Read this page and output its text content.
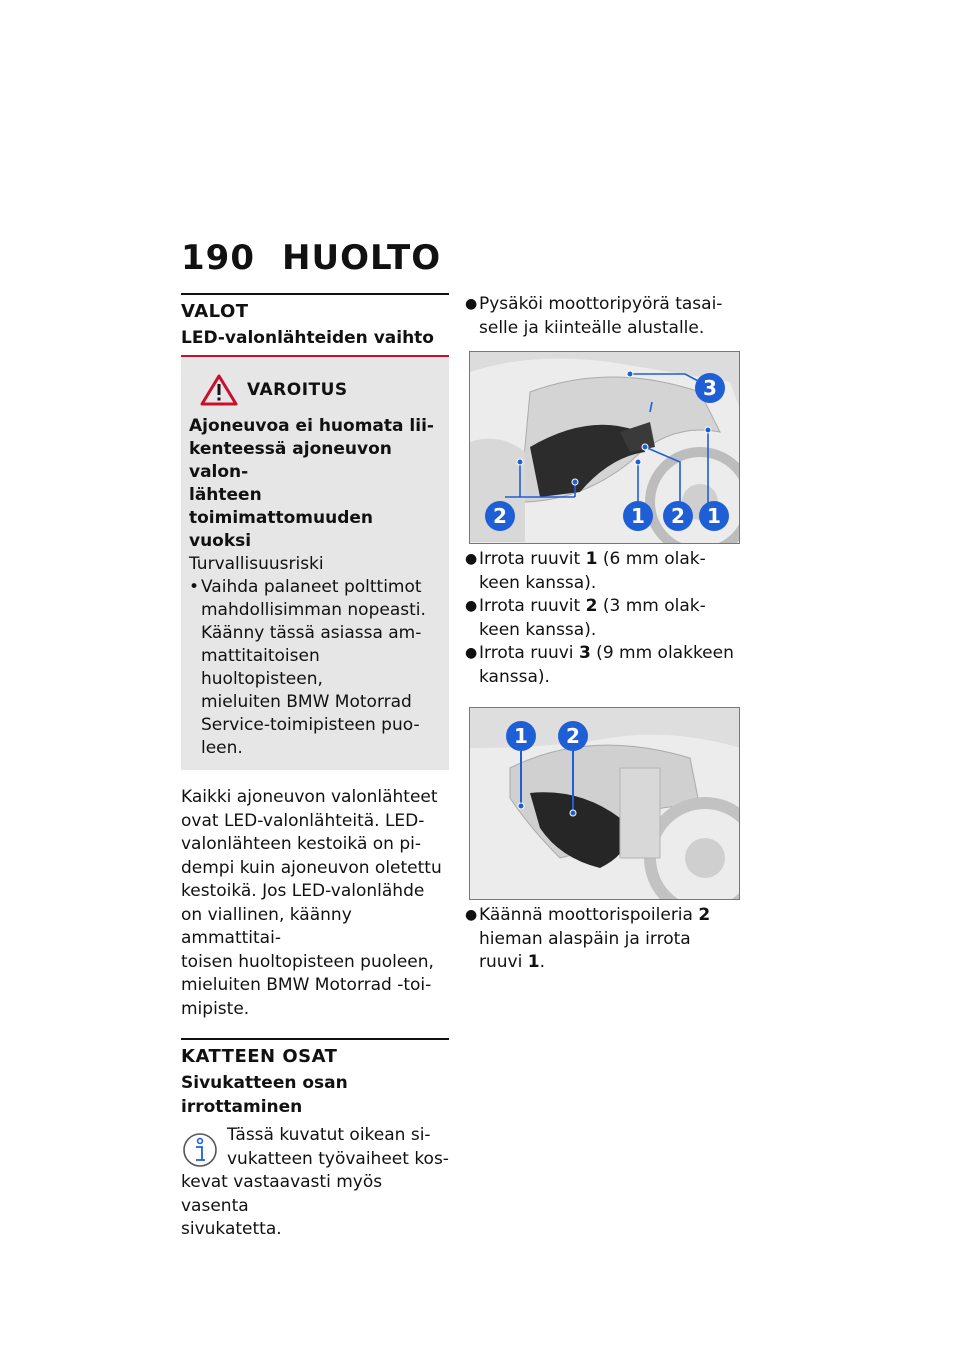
190 HUOLTO
VALOT
LED-valonlähteiden vaihto
VAROITUS
Ajoneuvoa ei huomata lii-
kenteessä ajoneuvon valon-
lähteen toimimattomuuden
vuoksi
Turvallisuusriski
• Vaihda palaneet polttimot
mahdollisimman nopeasti.
Käänny tässä asiassa am-
mattitaitoisen huoltopisteen,
mieluiten BMW Motorrad
Service-toimipisteen puo-
leen.
Kaikki ajoneuvon valonlähteet
ovat LED-valonlähteitä. LED-
valonlähteen kestoikä on pi-
dempi kuin ajoneuvon oletettu
kestoikä. Jos LED-valonlähde
on viallinen, käänny ammattitai-
toisen huoltopisteen puoleen,
mieluiten BMW Motorrad -toi-
mipiste.
KATTEEN OSAT
Sivukatteen osan irrottaminen
Tässä kuvatut oikean si-
vukatteen työvaiheet kos-
kevat vastaavasti myös vasenta
sivukatetta.
● Pysäköi moottoripyörä tasai-
selle ja kiinteälle alustalle.
3
2	1 2 1
● Irrota ruuvit 1 (6 mm olak-
keen kanssa).
● Irrota ruuvit 2 (3 mm olak-
keen kanssa).
● Irrota ruuvi 3 (9 mm olakkeen
kanssa).
1 2
● Käännä moottorispoileria 2
hieman alaspäin ja irrota
ruuvi 1.
